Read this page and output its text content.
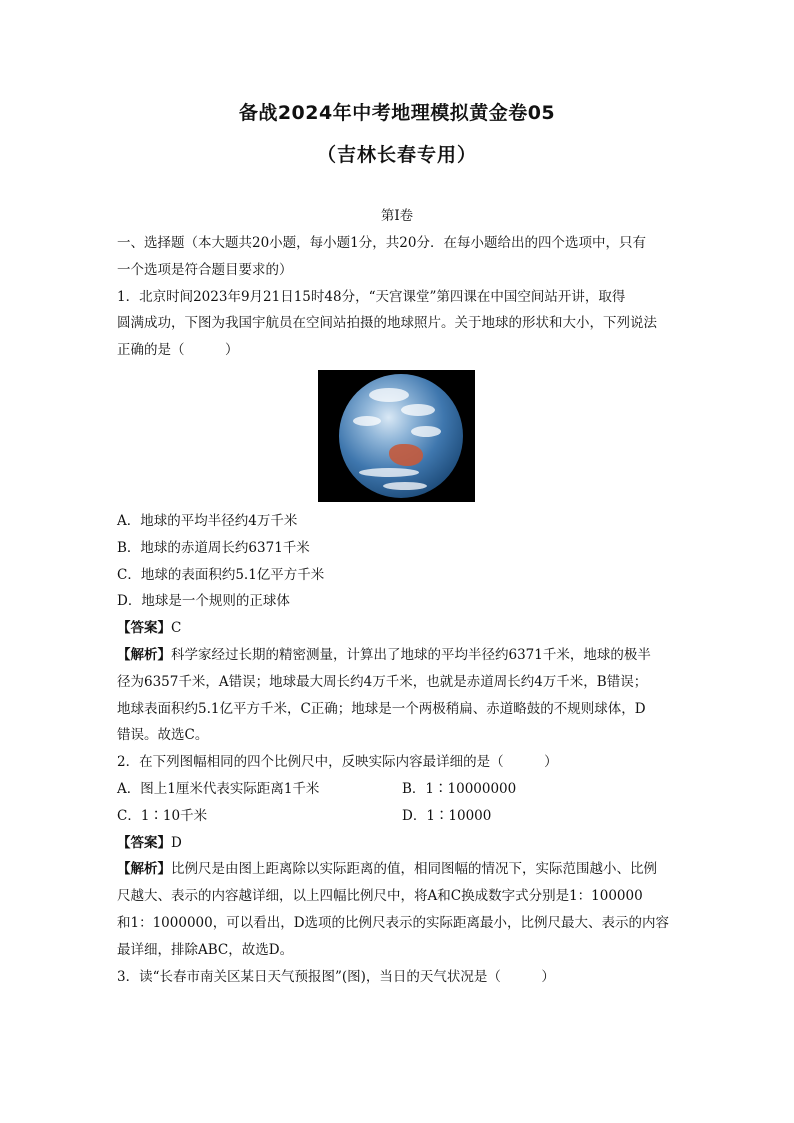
备战2024年中考地理模拟黄金卷05
（吉林长春专用）
第Ⅰ卷
一、选择题（本大题共20小题，每小题1分，共20分．在每小题给出的四个选项中，只有
一个选项是符合题目要求的）
1．北京时间2023年9月21日15时48分，“天宫课堂”第四课在中国空间站开讲，取得
圆满成功，下图为我国宇航员在空间站拍摄的地球照片。关于地球的形状和大小，下列说法
正确的是（　　　）
A．地球的平均半径约4万千米
B．地球的赤道周长约6371千米
C．地球的表面积约5.1亿平方千米
D．地球是一个规则的正球体
【答案】C
【解析】科学家经过长期的精密测量，计算出了地球的平均半径约6371千米，地球的极半
径为6357千米，A错误；地球最大周长约4万千米，也就是赤道周长约4万千米，B错误；
地球表面积约5.1亿平方千米，C正确；地球是一个两极稍扁、赤道略鼓的不规则球体，D
错误。故选C。
2．在下列图幅相同的四个比例尺中，反映实际内容最详细的是（　　　）
A．图上1厘米代表实际距离1千米	B．1∶10000000
C．1∶10千米	D．1∶10000
【答案】D
【解析】比例尺是由图上距离除以实际距离的值，相同图幅的情况下，实际范围越小、比例
尺越大、表示的内容越详细，以上四幅比例尺中，将A和C换成数字式分别是1：100000
和1：1000000，可以看出，D选项的比例尺表示的实际距离最小，比例尺最大、表示的内容
最详细，排除ABC，故选D。
3．读“长春市南关区某日天气预报图”(图)，当日的天气状况是（　　　）
